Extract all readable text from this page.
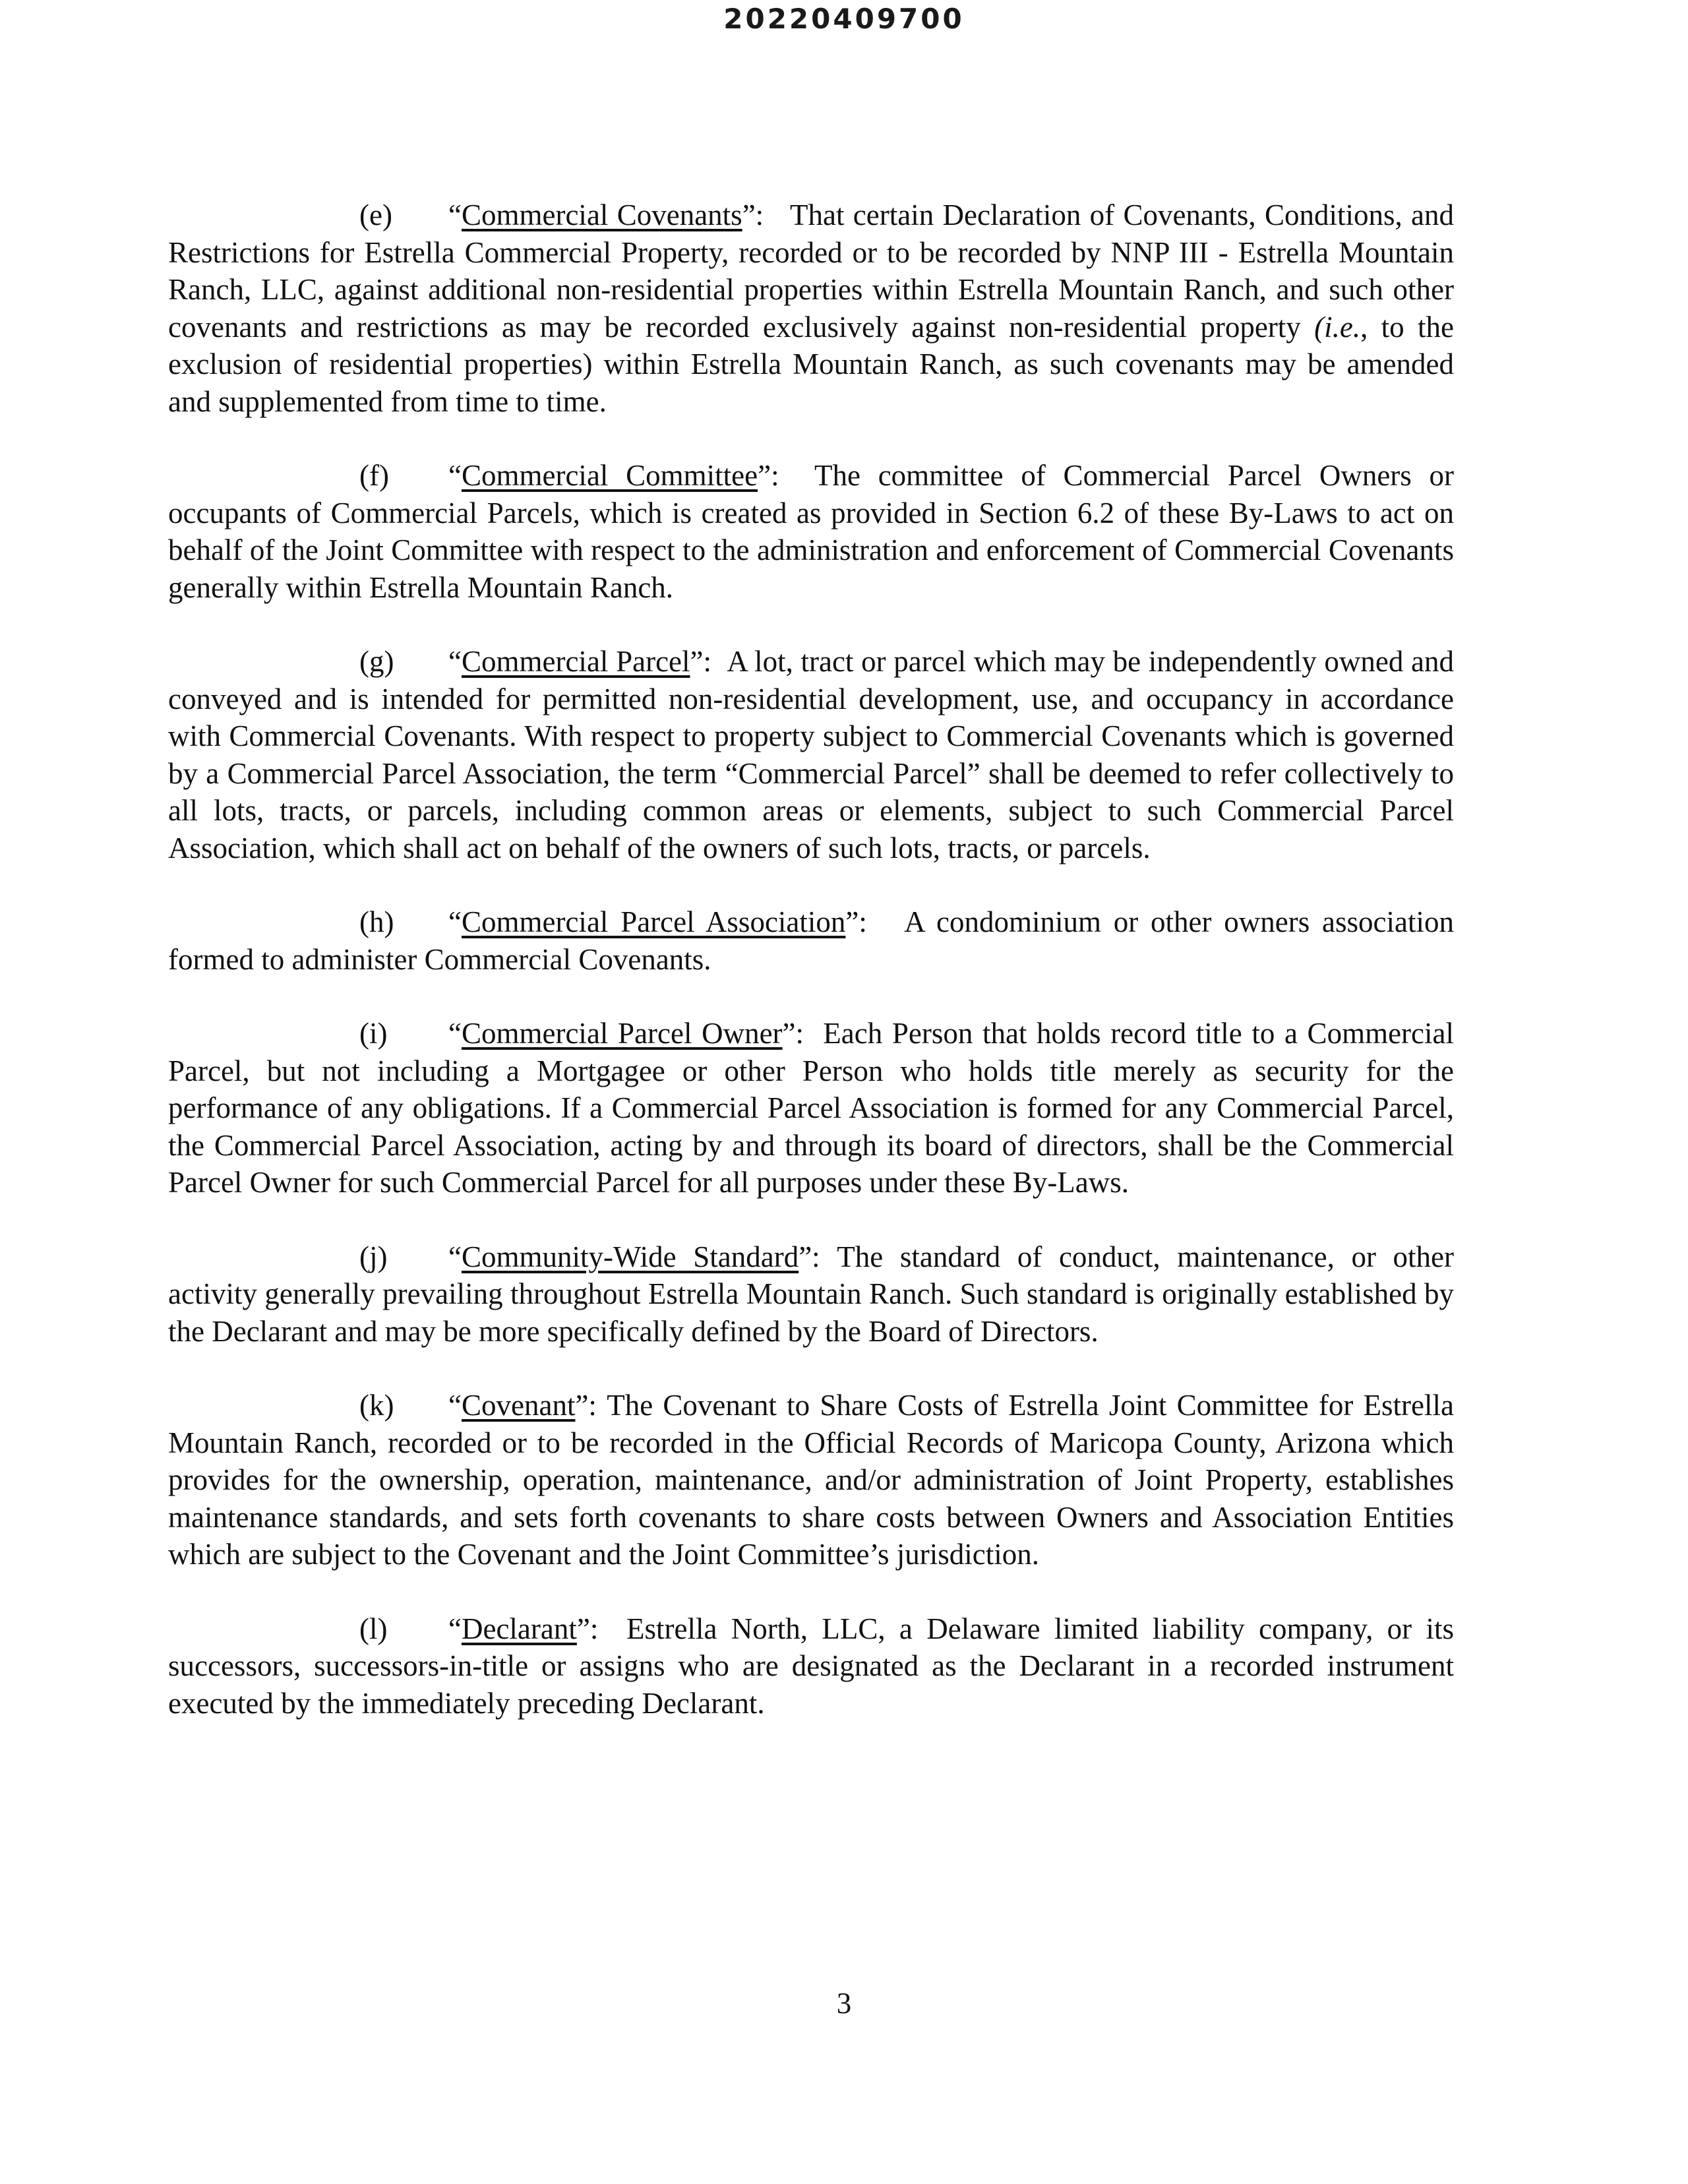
20220409700

(e) “Commercial Covenants”: That certain Declaration of Covenants, Conditions, and Restrictions for Estrella Commercial Property, recorded or to be recorded by NNP III - Estrella Mountain Ranch, LLC, against additional non-residential properties within Estrella Mountain Ranch, and such other covenants and restrictions as may be recorded exclusively against non-residential property (i.e., to the exclusion of residential properties) within Estrella Mountain Ranch, as such covenants may be amended and supplemented from time to time.

(f) “Commercial Committee”: The committee of Commercial Parcel Owners or occupants of Commercial Parcels, which is created as provided in Section 6.2 of these By-Laws to act on behalf of the Joint Committee with respect to the administration and enforcement of Commercial Covenants generally within Estrella Mountain Ranch.

(g) “Commercial Parcel”: A lot, tract or parcel which may be independently owned and conveyed and is intended for permitted non-residential development, use, and occupancy in accordance with Commercial Covenants. With respect to property subject to Commercial Covenants which is governed by a Commercial Parcel Association, the term “Commercial Parcel” shall be deemed to refer collectively to all lots, tracts, or parcels, including common areas or elements, subject to such Commercial Parcel Association, which shall act on behalf of the owners of such lots, tracts, or parcels.

(h) “Commercial Parcel Association”: A condominium or other owners association formed to administer Commercial Covenants.

(i) “Commercial Parcel Owner”: Each Person that holds record title to a Commercial Parcel, but not including a Mortgagee or other Person who holds title merely as security for the performance of any obligations. If a Commercial Parcel Association is formed for any Commercial Parcel, the Commercial Parcel Association, acting by and through its board of directors, shall be the Commercial Parcel Owner for such Commercial Parcel for all purposes under these By-Laws.

(j) “Community-Wide Standard”: The standard of conduct, maintenance, or other activity generally prevailing throughout Estrella Mountain Ranch. Such standard is originally established by the Declarant and may be more specifically defined by the Board of Directors.

(k) “Covenant”: The Covenant to Share Costs of Estrella Joint Committee for Estrella Mountain Ranch, recorded or to be recorded in the Official Records of Maricopa County, Arizona which provides for the ownership, operation, maintenance, and/or administration of Joint Property, establishes maintenance standards, and sets forth covenants to share costs between Owners and Association Entities which are subject to the Covenant and the Joint Committee’s jurisdiction.

(l) “Declarant”: Estrella North, LLC, a Delaware limited liability company, or its successors, successors-in-title or assigns who are designated as the Declarant in a recorded instrument executed by the immediately preceding Declarant.

3
